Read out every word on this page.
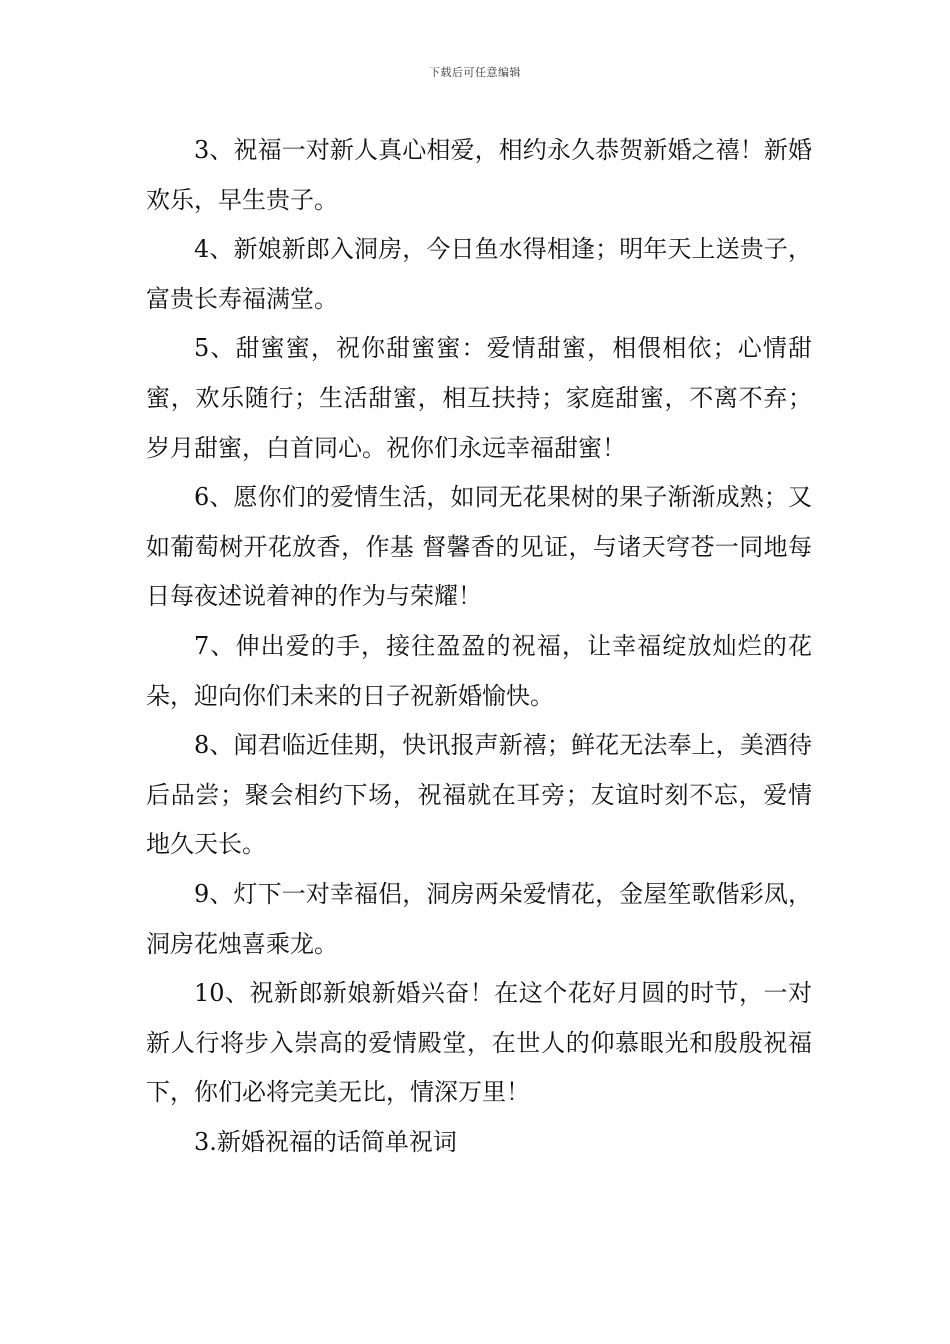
下载后可任意编辑

3、祝福一对新人真心相爱，相约永久恭贺新婚之禧！新婚欢乐，早生贵子。

4、新娘新郎入洞房，今日鱼水得相逢；明年天上送贵子，富贵长寿福满堂。

5、甜蜜蜜，祝你甜蜜蜜：爱情甜蜜，相偎相依；心情甜蜜，欢乐随行；生活甜蜜，相互扶持；家庭甜蜜，不离不弃；岁月甜蜜，白首同心。祝你们永远幸福甜蜜！

6、愿你们的爱情生活，如同无花果树的果子渐渐成熟；又如葡萄树开花放香，作基 督馨香的见证，与诸天穹苍一同地每日每夜述说着神的作为与荣耀！

7、伸出爱的手，接往盈盈的祝福，让幸福绽放灿烂的花朵，迎向你们未来的日子祝新婚愉快。

8、闻君临近佳期，快讯报声新禧；鲜花无法奉上，美酒待后品尝；聚会相约下场，祝福就在耳旁；友谊时刻不忘，爱情地久天长。

9、灯下一对幸福侣，洞房两朵爱情花，金屋笙歌偕彩凤，洞房花烛喜乘龙。

10、祝新郎新娘新婚兴奋！在这个花好月圆的时节，一对新人行将步入崇高的爱情殿堂，在世人的仰慕眼光和殷殷祝福下，你们必将完美无比，情深万里！

3.新婚祝福的话简单祝词
